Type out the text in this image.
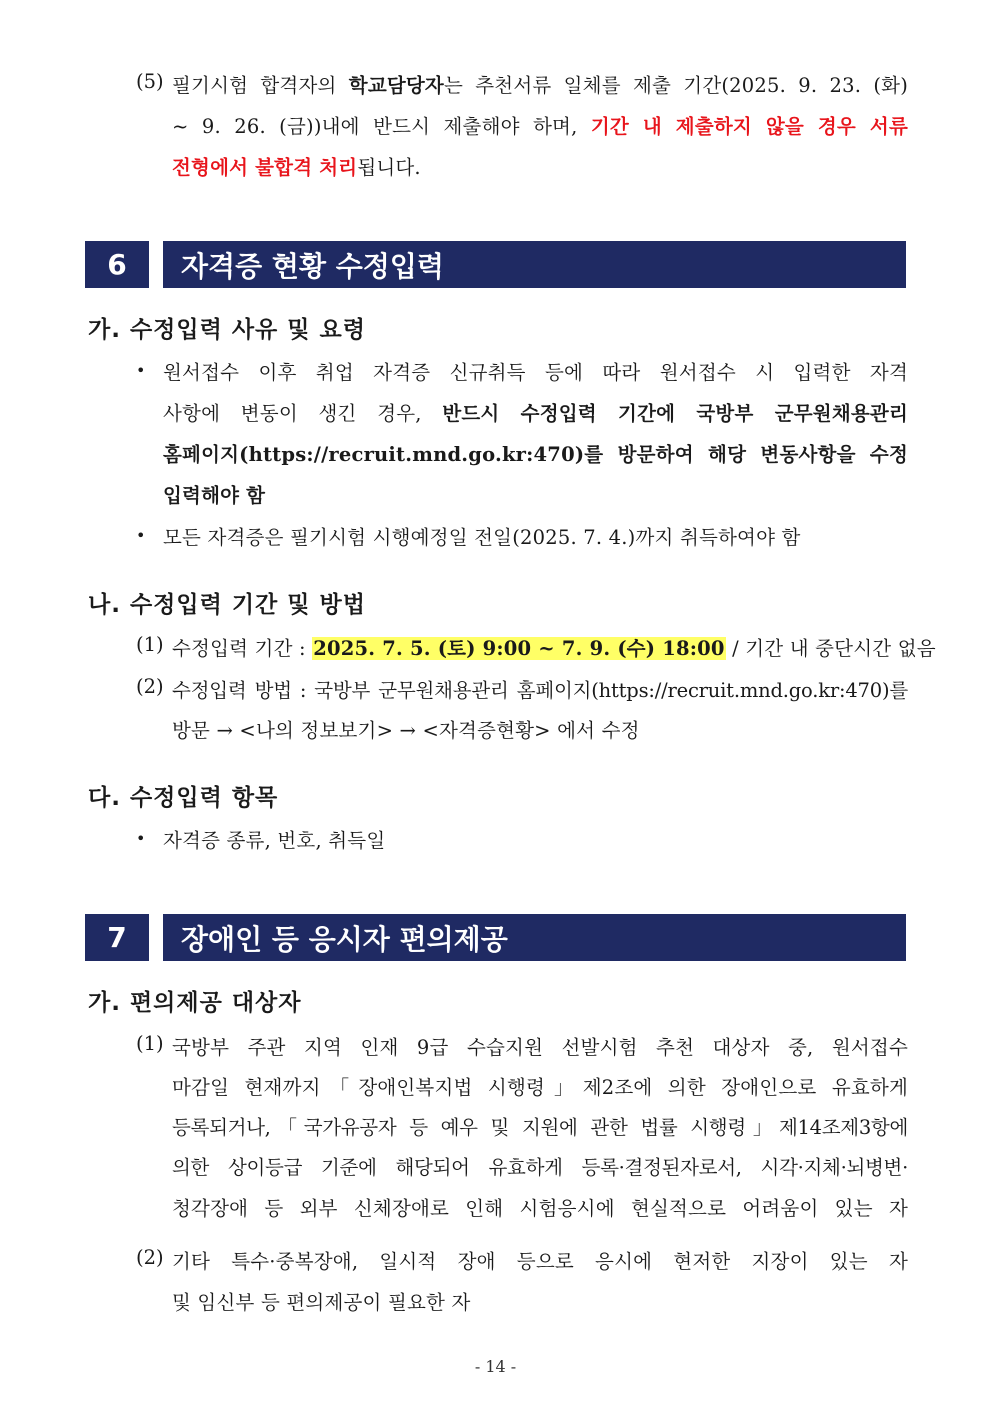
(5) 필기시험 합격자의 학교담당자는 추천서류 일체를 제출 기간(2025. 9. 23. (화)
~ 9. 26. (금))내에 반드시 제출해야 하며, 기간 내 제출하지 않을 경우 서류
전형에서 불합격 처리됩니다.
6	자격증 현황 수정입력
가. 수정입력 사유 및 요령
• 원서접수 이후 취업 자격증 신규취득 등에 따라 원서접수 시 입력한 자격
사항에 변동이 생긴 경우, 반드시 수정입력 기간에 국방부 군무원채용관리
홈페이지(https://recruit.mnd.go.kr:470)를 방문하여 해당 변동사항을 수정
입력해야 함
• 모든 자격증은 필기시험 시행예정일 전일(2025. 7. 4.)까지 취득하여야 함
나. 수정입력 기간 및 방법
(1) 수정입력 기간 : 2025. 7. 5. (토) 9:00 ~ 7. 9. (수) 18:00 / 기간 내 중단시간 없음
(2) 수정입력 방법 : 국방부 군무원채용관리 홈페이지(https://recruit.mnd.go.kr:470)를
방문 → <나의 정보보기> → <자격증현황> 에서 수정
다. 수정입력 항목
• 자격증 종류, 번호, 취득일
7	장애인 등 응시자 편의제공
가. 편의제공 대상자
(1) 국방부 주관 지역 인재 9급 수습지원 선발시험 추천 대상자 중, 원서접수
마감일 현재까지「장애인복지법 시행령」제2조에 의한 장애인으로 유효하게
등록되거나,「국가유공자 등 예우 및 지원에 관한 법률 시행령」제14조제3항에
의한 상이등급 기준에 해당되어 유효하게 등록·결정된자로서, 시각·지체·뇌병변·
청각장애 등 외부 신체장애로 인해 시험응시에 현실적으로 어려움이 있는 자
(2) 기타 특수·중복장애, 일시적 장애 등으로 응시에 현저한 지장이 있는 자
및 임신부 등 편의제공이 필요한 자
- 14 -
